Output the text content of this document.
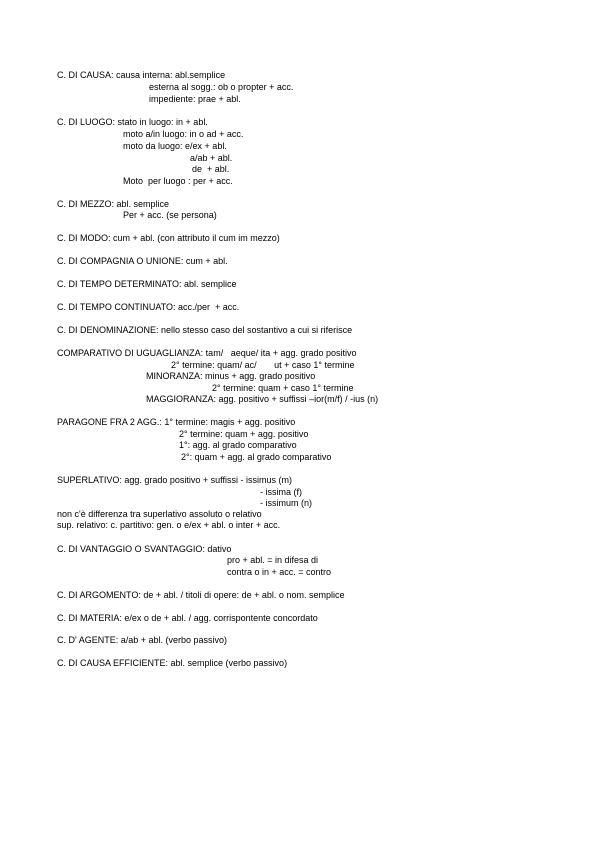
C. DI CAUSA: causa interna: abl.semplice
esterna al sogg.: ob o propter + acc.
impediente: prae + abl.
C. DI LUOGO: stato in luogo: in + abl.
moto a/in luogo: in o ad + acc.
moto da luogo: e/ex + abl.
a/ab + abl.
de  + abl.
Moto  per luogo : per + acc.
C. DI MEZZO: abl. semplice
Per + acc. (se persona)
C. DI MODO: cum + abl. (con attributo il cum im mezzo)
C. DI COMPAGNIA O UNIONE: cum + abl.
C. DI TEMPO DETERMINATO: abl. semplice
C. DI TEMPO CONTINUATO: acc./per  + acc.
C. DI DENOMINAZIONE: nello stesso caso del sostantivo a cui si riferisce
COMPARATIVO DI UGUAGLIANZA: tam/   aeque/ ita + agg. grado positivo
2° termine: quam/ ac/       ut + caso 1° termine
MINORANZA: minus + agg. grado positivo
2° termine: quam + caso 1° termine
MAGGIORANZA: agg. positivo + suffissi –ior(m/f) / -ius (n)
PARAGONE FRA 2 AGG.: 1° termine: magis + agg. positivo
2° termine: quam + agg. positivo
1°: agg. al grado comparativo
2°: quam + agg. al grado comparativo
SUPERLATIVO: agg. grado positivo + suffissi - issimus (m)
- issima (f)
- issimum (n)
non c'è differenza tra superlativo assoluto o relativo
sup. relativo: c. partitivo: gen. o e/ex + abl. o inter + acc.
C. DI VANTAGGIO O SVANTAGGIO: dativo
pro + abl. = in difesa di
contra o in + acc. = contro
C. DI ARGOMENTO: de + abl. / titoli di opere: de + abl. o nom. semplice
C. DI MATERIA: e/ex o de + abl. / agg. corrispontente concordato
C. D' AGENTE: a/ab + abl. (verbo passivo)
C. DI CAUSA EFFICIENTE: abl. semplice (verbo passivo)
